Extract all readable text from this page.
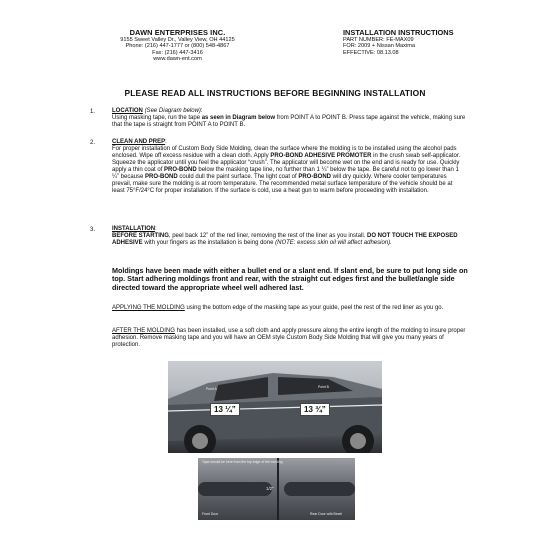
DAWN ENTERPRISES INC.
9155 Sweet Valley Dr., Valley View, OH 44125
Phone: (216) 447-1777 or (800) 548-4867
Fax: (216) 447-3416
www.dawn-ent.com
INSTALLATION INSTRUCTIONS
PART NUMBER: FE-MAX09
FOR: 2009 + Nissan Maxima
EFFECTIVE: 08.13.08
PLEASE READ ALL INSTRUCTIONS BEFORE BEGINNING INSTALLATION
1.	LOCATION (See Diagram below):
Using masking tape, run the tape as seen in Diagram below from POINT A to POINT B. Press tape against the vehicle, making sure that the tape is straight from POINT A to POINT B.
2.	CLEAN AND PREP:
For proper installation of Custom Body Side Molding, clean the surface where the molding is to be installed using the alcohol pads enclosed. Wipe off excess residue with a clean cloth. Apply PRO-BOND ADHESIVE PROMOTER in the crush swab self-applicator. Squeeze the applicator until you feel the applicator “crush”. The applicator will become wet on the end and is ready for use. Quickly apply a thin coat of PRO-BOND below the masking tape line, no further than 1 ¼” below the tape. Be careful not to go lower than 1 ¼” because PRO-BOND could dull the paint surface. The light coat of PRO-BOND will dry quickly. Where cooler temperatures prevail, make sure the molding is at room temperature. The recommended metal surface temperature of the vehicle should be at least 75°F/24°C for proper installation. If the surface is cold, use a heat gun to warm before proceeding with installation.
3.	INSTALLATION:
BEFORE STARTING, peel back 12” of the red liner, removing the rest of the liner as you install. DO NOT TOUCH THE EXPOSED ADHESIVE with your fingers as the installation is being done (NOTE: excess skin oil will affect adhesion).
Moldings have been made with either a bullet end or a slant end. If slant end, be sure to put long side on top. Start adhering moldings front and rear, with the straight cut edges first and the bullet/angle side directed toward the appropriate wheel well adhered last.
APPLYING THE MOLDING using the bottom edge of the masking tape as your guide, peel the rest of the red liner as you go.
AFTER THE MOLDING has been installed, use a soft cloth and apply pressure along the entire length of the molding to insure proper adhesion. Remove masking tape and you will have an OEM style Custom Body Side Molding that will give you many years of protection.
Point A	Point B
13 ¼”	13 ¾”
Tape should be here from the top edge of the molding
1/2”
Front Door	Rear Door with Bezel
